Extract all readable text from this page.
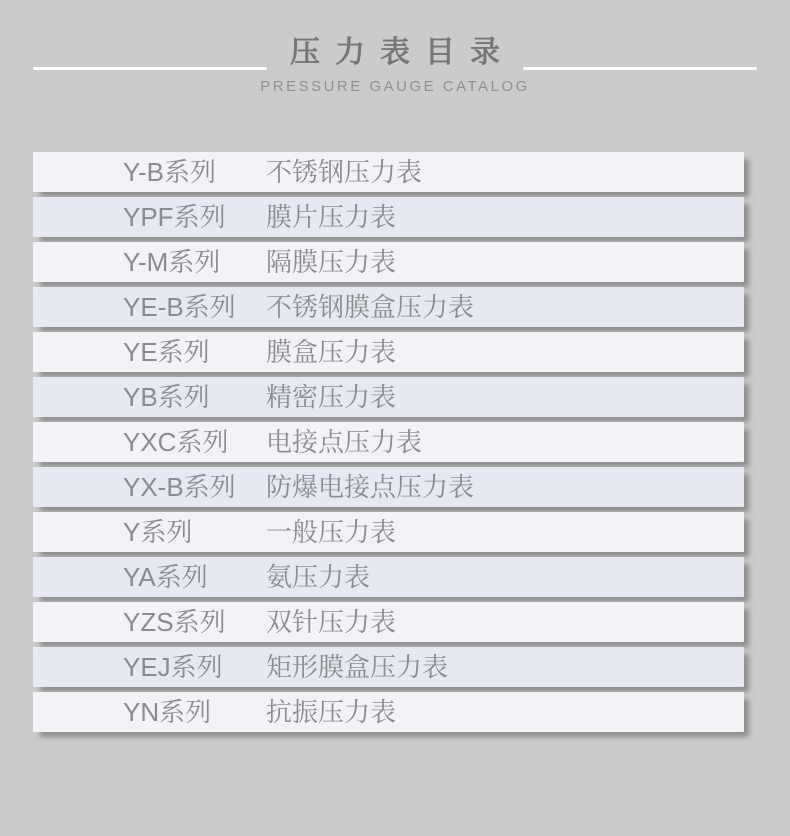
压力表目录
PRESSURE GAUGE CATALOG
Y-B系列	不锈钢压力表
YPF系列	膜片压力表
Y-M系列	隔膜压力表
YE-B系列	不锈钢膜盒压力表
YE系列	膜盒压力表
YB系列	精密压力表
YXC系列	电接点压力表
YX-B系列	防爆电接点压力表
Y系列	一般压力表
YA系列	氨压力表
YZS系列	双针压力表
YEJ系列	矩形膜盒压力表
YN系列	抗振压力表
